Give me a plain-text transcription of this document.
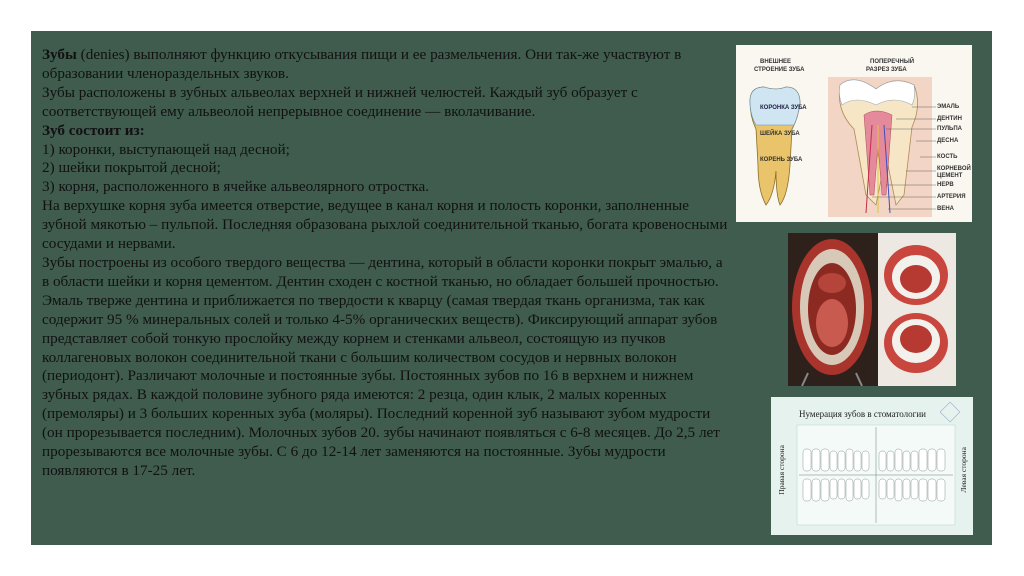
Зубы (denies) выполняют функцию откусывания пищи и ее размельчения. Они так-же участвуют в образовании членораздельных звуков.

Зубы расположены в зубных альвеолах верхней и нижней челюстей. Каждый зуб образует с соответствующей ему альвеолой непрерывное соединение — вколачивание.

Зуб состоит из:

1) коронки, выступающей над десной;

2) шейки покрытой десной;

3) корня, расположенного в ячейке альвеолярного отростка.

На верхушке корня зуба имеется отверстие, ведущее в канал корня и полость коронки, заполненные зубной мякотью – пульпой. Последняя образована рыхлой соединительной тканью, богата кровеносными сосудами и нервами.

Зубы построены из особого твердого вещества — дентина, который в области коронки покрыт эмалью, а в области шейки и корня цементом. Дентин сходен с костной тканью, но обладает большей прочностью. Эмаль тверже дентина и приближается по твердости к кварцу (самая твердая ткань организма, так как содержит 95 % минеральных солей и только 4-5% органических веществ). Фиксирующий аппарат зубов представляет собой тонкую прослойку между корнем и стенками альвеол, состоящую из пучков коллагеновых волокон соединительной ткани с большим количеством сосудов и нервных волокон (периодонт). Различают молочные и постоянные зубы. Постоянных зубов по 16 в верхнем и нижнем зубных рядах. В каждой половине зубного ряда имеются: 2 резца, один клык, 2 малых коренных (премоляры) и 3 больших коренных зуба (моляры). Последний коренной зуб называют зубом мудрости (он прорезывается последним). Молочных зубов 20. зубы начинают появляться с 6-8 месяцев. До 2,5 лет прорезываются все молочные зубы. С 6 до 12-14 лет заменяются на постоянные. Зубы мудрости появляются в 17-25 лет.

ВНЕШНЕЕ
СТРОЕНИЕ ЗУБА
ПОПЕРЕЧНЫЙ
РАЗРЕЗ ЗУБА
КОРОНКА ЗУБА
ШЕЙКА ЗУБА
КОРЕНЬ ЗУБА
ЭМАЛЬ
ДЕНТИН
ПУЛЬПА
ДЕСНА
КОСТЬ
КОРНЕВОЙ
ЦЕМЕНТ
НЕРВ
АРТЕРИЯ
ВЕНА
Нумерация зубов в стоматологии
Правая сторона	Левая сторона
